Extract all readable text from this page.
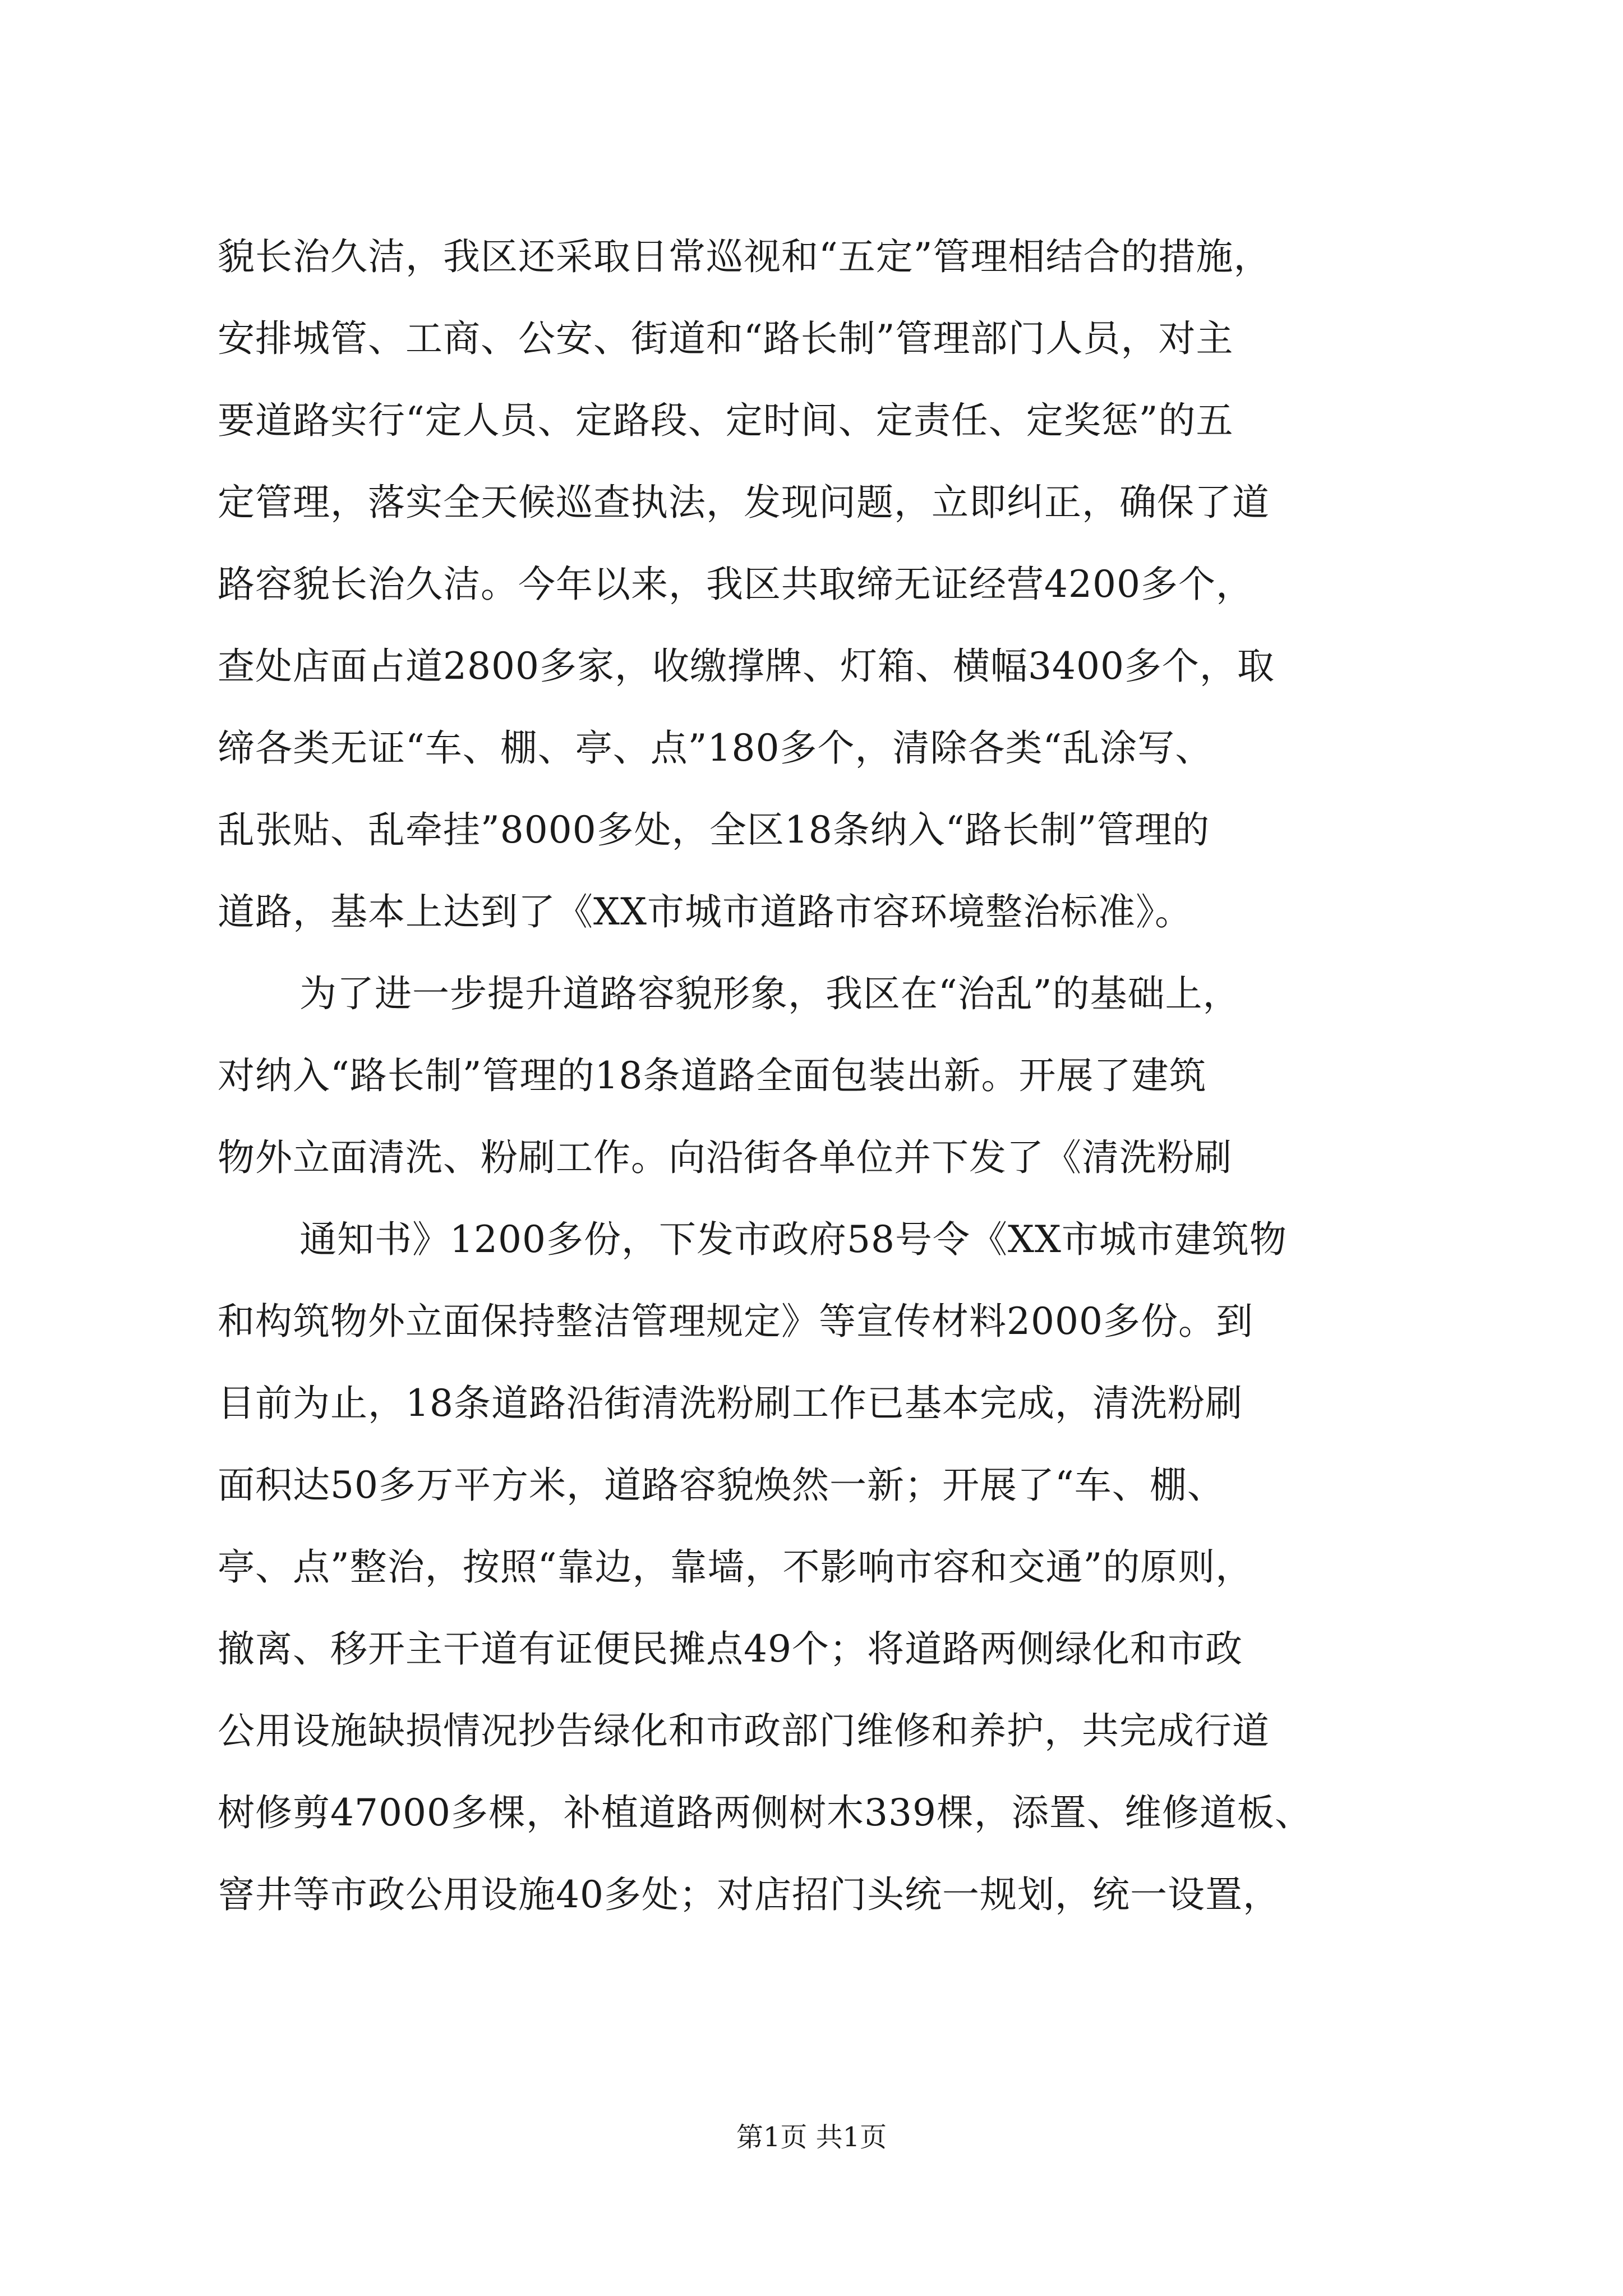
貌长治久洁，我区还采取日常巡视和“五定”管理相结合的措施，
安排城管、工商、公安、街道和“路长制”管理部门人员，对主
要道路实行“定人员、定路段、定时间、定责任、定奖惩”的五
定管理，落实全天候巡查执法，发现问题，立即纠正，确保了道
路容貌长治久洁。今年以来，我区共取缔无证经营4200多个，
查处店面占道2800多家，收缴撑牌、灯箱、横幅3400多个，取
缔各类无证“车、棚、亭、点”180多个，清除各类“乱涂写、
乱张贴、乱牵挂”8000多处，全区18条纳入“路长制”管理的
道路，基本上达到了《XX市城市道路市容环境整治标准》。
为了进一步提升道路容貌形象，我区在“治乱”的基础上，
对纳入“路长制”管理的18条道路全面包装出新。开展了建筑
物外立面清洗、粉刷工作。向沿街各单位并下发了《清洗粉刷
通知书》1200多份，下发市政府58号令《XX市城市建筑物
和构筑物外立面保持整洁管理规定》等宣传材料2000多份。到
目前为止，18条道路沿街清洗粉刷工作已基本完成，清洗粉刷
面积达50多万平方米，道路容貌焕然一新；开展了“车、棚、
亭、点”整治，按照“靠边，靠墙，不影响市容和交通”的原则，
撤离、移开主干道有证便民摊点49个；将道路两侧绿化和市政
公用设施缺损情况抄告绿化和市政部门维修和养护，共完成行道
树修剪47000多棵，补植道路两侧树木339棵，添置、维修道板、
窨井等市政公用设施40多处；对店招门头统一规划，统一设置，
第1页 共1页
